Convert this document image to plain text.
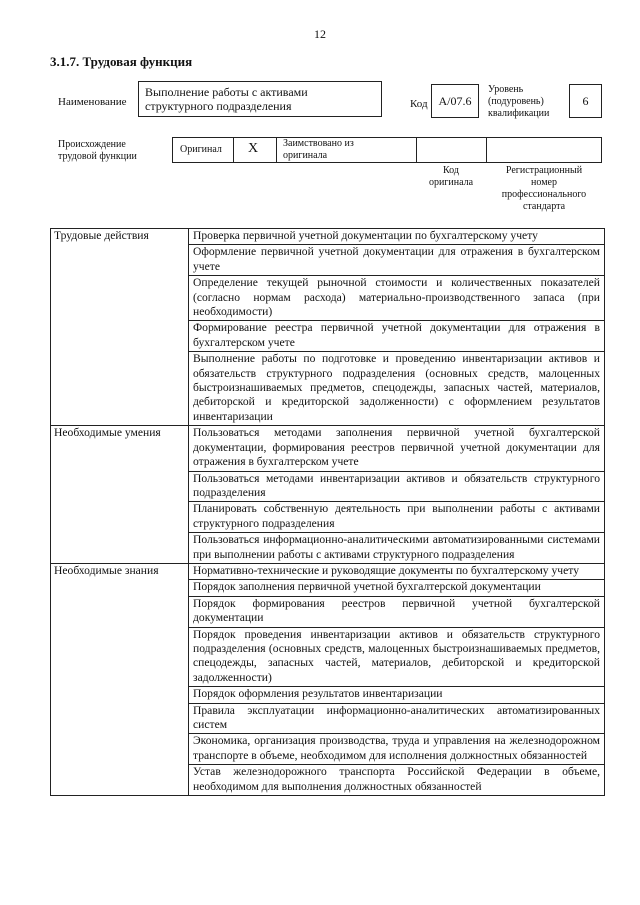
12
3.1.7. Трудовая функция
Наименование
Выполнение работы с активами структурного подразделения	Код A/07.6
Уровень
(подуровень)
квалификации
6
Происхождение
трудовой функции
Оригинал X Заимствовано из
оригинала
Код
оригинала
Регистрационный
номер
профессионального
стандарта
Трудовые действия	Проверка первичной учетной документации по бухгалтерскому учету
	Оформление первичной учетной документации для отражения в бухгалтерском учете
	Определение текущей рыночной стоимости и количественных показателей (согласно нормам расхода) материально-производственного запаса (при необходимости)
	Формирование реестра первичной учетной документации для отражения в бухгалтерском учете
	Выполнение работы по подготовке и проведению инвентаризации активов и обязательств структурного подразделения (основных средств, малоценных быстроизнашиваемых предметов, спецодежды, запасных частей, материалов, дебиторской и кредиторской задолженности) с оформлением результатов инвентаризации
Необходимые умения	Пользоваться методами заполнения первичной учетной бухгалтерской документации, формирования реестров первичной учетной документации для отражения в бухгалтерском учете
	Пользоваться методами инвентаризации активов и обязательств структурного подразделения
	Планировать собственную деятельность при выполнении работы с активами структурного подразделения
	Пользоваться информационно-аналитическими автоматизированными системами при выполнении работы с активами структурного подразделения
Необходимые знания	Нормативно-технические и руководящие документы по бухгалтерскому учету
	Порядок заполнения первичной учетной бухгалтерской документации
	Порядок формирования реестров первичной учетной бухгалтерской документации
	Порядок проведения инвентаризации активов и обязательств структурного подразделения (основных средств, малоценных быстроизнашиваемых предметов, спецодежды, запасных частей, материалов, дебиторской и кредиторской задолженности)
	Порядок оформления результатов инвентаризации
	Правила эксплуатации информационно-аналитических автоматизированных систем
	Экономика, организация производства, труда и управления на железнодорожном транспорте в объеме, необходимом для исполнения должностных обязанностей
	Устав железнодорожного транспорта Российской Федерации в объеме, необходимом для выполнения должностных обязанностей
